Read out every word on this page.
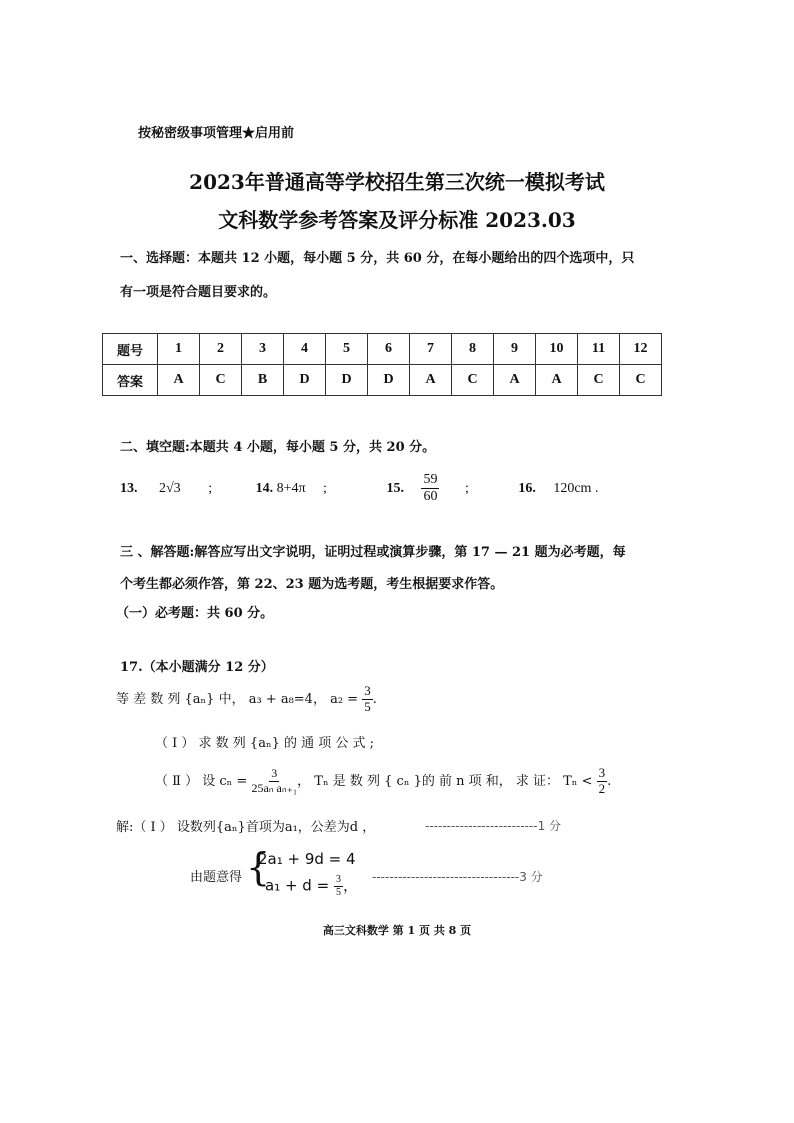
按秘密级事项管理★启用前
2023年普通高等学校招生第三次统一模拟考试
文科数学参考答案及评分标准 2023.03
一、选择题：本题共 12 小题，每小题 5 分，共 60 分，在每小题给出的四个选项中，只
有一项是符合题目要求的。
题号	1	2	3	4	5	6	7	8	9	10	11	12
答案	A	C	B	D	D	D	A	C	A	A	C	C
二、填空题:本题共 4 小题，每小题 5 分，共 20 分。
13. 2√3 ;	14. 8+4π ;	15. $\frac{59}{60}$ ;	16. 120cm .
三 、解答题:解答应写出文字说明，证明过程或演算步骤，第 17 — 21 题为必考题，每
个考生都必须作答，第 22、23 题为选考题，考生根据要求作答。
（一）必考题：共 60 分。
17.（本小题满分 12 分）
等 差 数 列 {aₙ} 中， a₃ + a₈=4， $a_2 = \frac{3}{5}$ .
（ Ⅰ ） 求 数 列 {aₙ} 的 通 项 公 式 ;
（ Ⅱ ） 设 $c_n = \frac{3}{\text{25aₙ aₙ₊₁}}$ ， Tₙ 是 数 列 { cₙ }的 前 n 项 和， 求 证： $T_n < \frac{3}{2}$ .
解:（ Ⅰ ） 设数列{aₙ}首项为a₁，公差为d ，	--------------------------1 分
由题意得 {
2a₁ + 9d = 4
$a_1 + d = \frac{3}{5}$ ， ----------------------------------3 分
高三文科数学 第 1 页 共 8 页
